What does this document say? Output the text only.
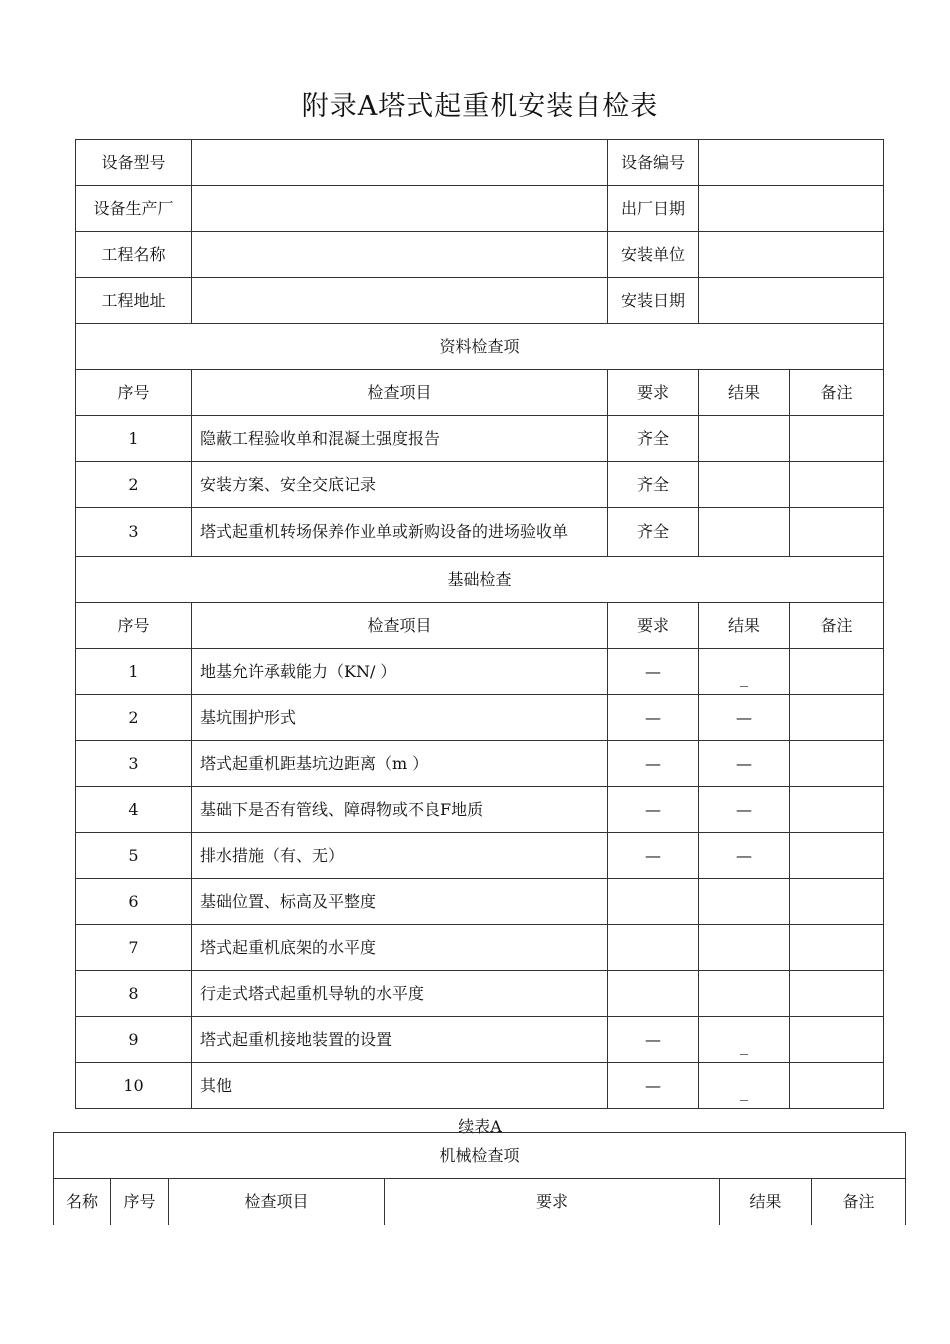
附录A塔式起重机安装自检表
设备型号		设备编号		
设备生产厂		出厂日期		
工程名称		安装单位		
工程地址		安装日期		
资料检查项				
序号	检查项目	要求	结果	备注
1	隐蔽工程验收单和混凝土强度报告	齐全		
2	安装方案、安全交底记录	齐全		
3	塔式起重机转场保养作业单或新购设备的进场验收单	齐全		
基础检查				
序号	检查项目	要求	结果	备注
1	地基允许承载能力（KN/ ）	—	_	
2	基坑围护形式	—	—	
3	塔式起重机距基坑边距离（m ）	—	—	
4	基础下是否有管线、障碍物或不良F地质	—	—	
5	排水措施（有、无）	—	—	
6	基础位置、标高及平整度			
7	塔式起重机底架的水平度			
8	行走式塔式起重机导轨的水平度			
9	塔式起重机接地装置的设置	—	_	
10	其他	—	_	
续表A
机械检查项
名称	序号	检查项目	要求	结果	备注
